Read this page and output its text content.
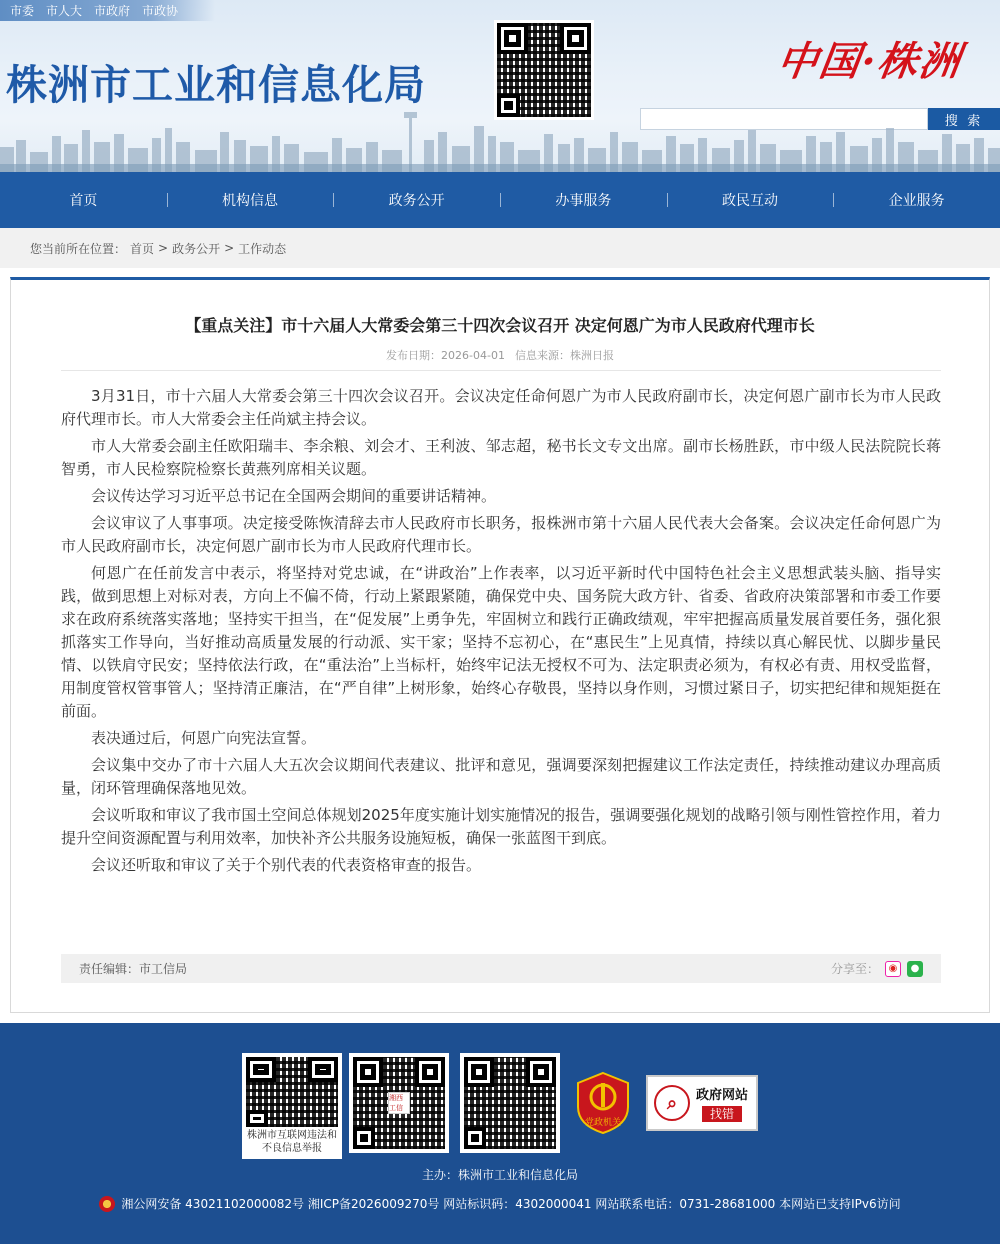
市委 市人大 市政府 市政协
株洲市工业和信息化局	中国·株洲
搜 索
首页	机构信息	政务公开	办事服务	政民互动	企业服务
您当前所在位置： 首页 > 政务公开 > 工作动态
【重点关注】市十六届人大常委会第三十四次会议召开 决定何恩广为市人民政府代理市长
发布日期：2026-04-01 信息来源：株洲日报

3月31日，市十六届人大常委会第三十四次会议召开。会议决定任命何恩广为市人民政府副市长，决定何恩广副市长为市人民政府代理市长。市人大常委会主任尚斌主持会议。

市人大常委会副主任欧阳瑞丰、李余粮、刘会才、王利波、邹志超，秘书长文专文出席。副市长杨胜跃，市中级人民法院院长蒋智勇，市人民检察院检察长黄燕列席相关议题。

会议传达学习习近平总书记在全国两会期间的重要讲话精神。

会议审议了人事事项。决定接受陈恢清辞去市人民政府市长职务，报株洲市第十六届人民代表大会备案。会议决定任命何恩广为市人民政府副市长，决定何恩广副市长为市人民政府代理市长。

何恩广在任前发言中表示，将坚持对党忠诚，在“讲政治”上作表率，以习近平新时代中国特色社会主义思想武装头脑、指导实践，做到思想上对标对表，方向上不偏不倚，行动上紧跟紧随，确保党中央、国务院大政方针、省委、省政府决策部署和市委工作要求在政府系统落实落地；坚持实干担当，在“促发展”上勇争先，牢固树立和践行正确政绩观，牢牢把握高质量发展首要任务，强化狠抓落实工作导向，当好推动高质量发展的行动派、实干家；坚持不忘初心，在“惠民生”上见真情，持续以真心解民忧、以脚步量民情、以铁肩守民安；坚持依法行政，在“重法治”上当标杆，始终牢记法无授权不可为、法定职责必须为，有权必有责、用权受监督，用制度管权管事管人；坚持清正廉洁，在“严自律”上树形象，始终心存敬畏，坚持以身作则，习惯过紧日子，切实把纪律和规矩挺在前面。

表决通过后，何恩广向宪法宣誓。

会议集中交办了市十六届人大五次会议期间代表建议、批评和意见，强调要深刻把握建议工作法定责任，持续推动建议办理高质量，闭环管理确保落地见效。

会议听取和审议了我市国土空间总体规划2025年度实施计划实施情况的报告，强调要强化规划的战略引领与刚性管控作用，着力提升空间资源配置与利用效率，加快补齐公共服务设施短板，确保一张蓝图干到底。

会议还听取和审议了关于个别代表的代表资格审查的报告。

责任编辑：市工信局	分享至： ◉	●
株洲市互联网违法和不良信息举报
湘西工信
党政机关
⌕	政府网站
找错
主办：株洲市工业和信息化局
湘公网安备 43021102000082号 湘ICP备2026009270号 网站标识码：4302000041 网站联系电话：0731-28681000 本网站已支持IPv6访问
